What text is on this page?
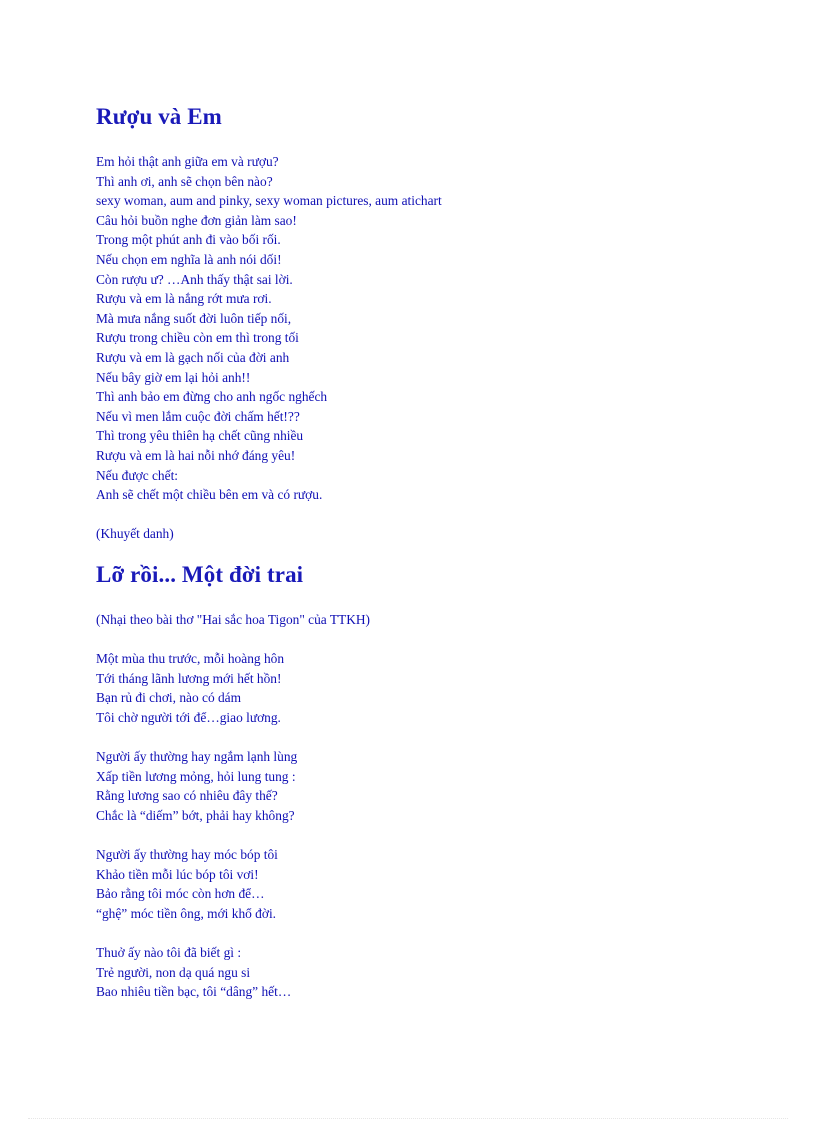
Rượu và Em
Em hỏi thật anh giữa em và rượu?
Thì anh ơi, anh sẽ chọn bên nào?
sexy woman, aum and pinky, sexy woman pictures, aum atichart
Câu hỏi buồn nghe đơn giản làm sao!
Trong một phút anh đi vào bối rối.
Nếu chọn em nghĩa là anh nói dối!
Còn rượu ư? …Anh thấy thật sai lời.
Rượu và em là nắng rớt mưa rơi.
Mà mưa nắng suốt đời luôn tiếp nối,
Rượu trong chiều còn em thì trong tối
Rượu và em là gạch nối của đời anh
Nếu bây giờ em lại hỏi anh!!
Thì anh bảo em đừng cho anh ngốc nghếch
Nếu vì men lắm cuộc đời chấm hết!??
Thì trong yêu thiên hạ chết cũng nhiều
Rượu và em là hai nỗi nhớ đáng yêu!
Nếu được chết:
Anh sẽ chết một chiều bên em và có rượu.
(Khuyết danh)
Lỡ rồi... Một đời trai
(Nhại theo bài thơ "Hai sắc hoa Tigon" của TTKH)
Một mùa thu trước, mỗi hoàng hôn
Tới tháng lãnh lương mới hết hồn!
Bạn rủ đi chơi, nào có dám
Tôi chờ người tới để…giao lương.
Người ấy thường hay ngắm lạnh lùng
Xấp tiền lương mỏng, hỏi lung tung :
Rằng lương sao có nhiêu đây thế?
Chắc là “diếm” bớt, phải hay không?
Người ấy thường hay móc bóp tôi
Khảo tiền mỗi lúc bóp tôi vơi!
Bảo rằng tôi móc còn hơn để…
“ghệ” móc tiền ông, mới khổ đời.
Thuở ấy nào tôi đã biết gì :
Trẻ người, non dạ quá ngu si
Bao nhiêu tiền bạc, tôi “dâng” hết…
